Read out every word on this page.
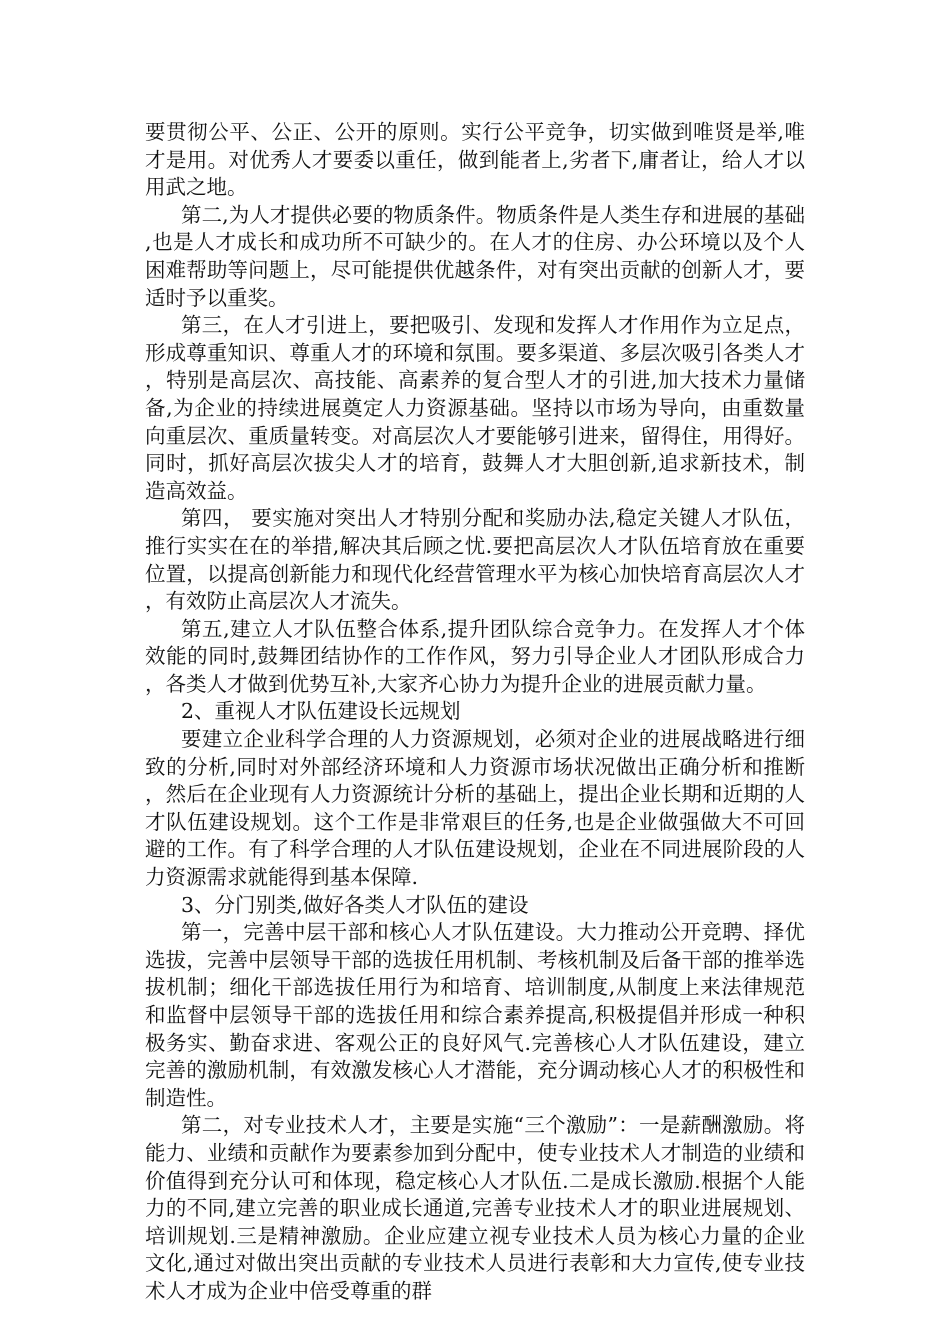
要贯彻公平、公正、公开的原则。实行公平竞争，切实做到唯贤是举,唯才是用。对优秀人才要委以重任，做到能者上,劣者下,庸者让，给人才以用武之地。

第二,为人才提供必要的物质条件。物质条件是人类生存和进展的基础,也是人才成长和成功所不可缺少的。在人才的住房、办公环境以及个人困难帮助等问题上，尽可能提供优越条件，对有突出贡献的创新人才，要适时予以重奖。

第三，在人才引进上，要把吸引、发现和发挥人才作用作为立足点，形成尊重知识、尊重人才的环境和氛围。要多渠道、多层次吸引各类人才，特别是高层次、高技能、高素养的复合型人才的引进,加大技术力量储备,为企业的持续进展奠定人力资源基础。坚持以市场为导向，由重数量向重层次、重质量转变。对高层次人才要能够引进来，留得住，用得好。同时，抓好高层次拔尖人才的培育，鼓舞人才大胆创新,追求新技术，制造高效益。

第四， 要实施对突出人才特别分配和奖励办法,稳定关键人才队伍，推行实实在在的举措,解决其后顾之忧.要把高层次人才队伍培育放在重要位置，以提高创新能力和现代化经营管理水平为核心加快培育高层次人才，有效防止高层次人才流失。

第五,建立人才队伍整合体系,提升团队综合竞争力。在发挥人才个体效能的同时,鼓舞团结协作的工作作风，努力引导企业人才团队形成合力，各类人才做到优势互补,大家齐心协力为提升企业的进展贡献力量。

2、重视人才队伍建设长远规划

要建立企业科学合理的人力资源规划，必须对企业的进展战略进行细致的分析,同时对外部经济环境和人力资源市场状况做出正确分析和推断，然后在企业现有人力资源统计分析的基础上，提出企业长期和近期的人才队伍建设规划。这个工作是非常艰巨的任务,也是企业做强做大不可回避的工作。有了科学合理的人才队伍建设规划，企业在不同进展阶段的人力资源需求就能得到基本保障.

3、分门别类,做好各类人才队伍的建设

第一，完善中层干部和核心人才队伍建设。大力推动公开竞聘、择优选拔，完善中层领导干部的选拔任用机制、考核机制及后备干部的推举选拔机制；细化干部选拔任用行为和培育、培训制度,从制度上来法律规范和监督中层领导干部的选拔任用和综合素养提高,积极提倡并形成一种积极务实、勤奋求进、客观公正的良好风气.完善核心人才队伍建设，建立完善的激励机制，有效激发核心人才潜能，充分调动核心人才的积极性和制造性。

第二，对专业技术人才，主要是实施“三个激励”：一是薪酬激励。将能力、业绩和贡献作为要素参加到分配中，使专业技术人才制造的业绩和价值得到充分认可和体现，稳定核心人才队伍.二是成长激励.根据个人能力的不同,建立完善的职业成长通道,完善专业技术人才的职业进展规划、培训规划.三是精神激励。企业应建立视专业技术人员为核心力量的企业文化,通过对做出突出贡献的专业技术人员进行表彰和大力宣传,使专业技术人才成为企业中倍受尊重的群
